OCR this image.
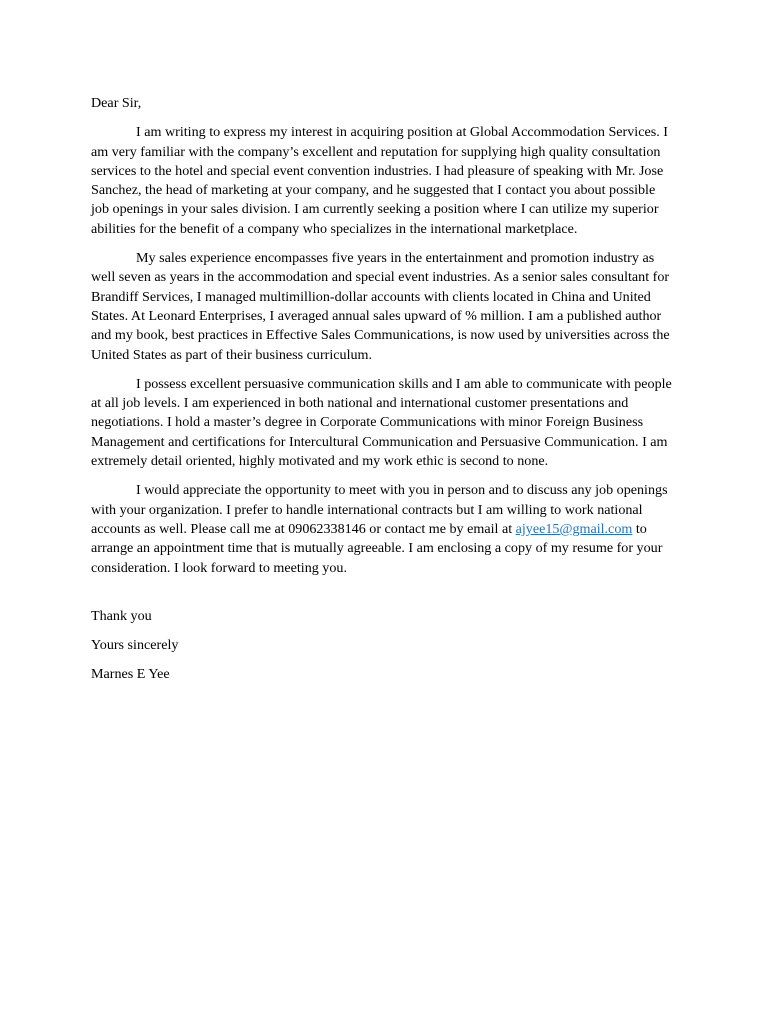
Dear Sir,

I am writing to express my interest in acquiring position at Global Accommodation Services. I am very familiar with the company’s excellent and reputation for supplying high quality consultation services to the hotel and special event convention industries. I had pleasure of speaking with Mr. Jose Sanchez, the head of marketing at your company, and he suggested that I contact you about possible job openings in your sales division. I am currently seeking a position where I can utilize my superior abilities for the benefit of a company who specializes in the international marketplace.

My sales experience encompasses five years in the entertainment and promotion industry as well seven as years in the accommodation and special event industries. As a senior sales consultant for Brandiff Services, I managed multimillion-dollar accounts with clients located in China and United States. At Leonard Enterprises, I averaged annual sales upward of % million. I am a published author and my book, best practices in Effective Sales Communications, is now used by universities across the United States as part of their business curriculum.

I possess excellent persuasive communication skills and I am able to communicate with people at all job levels. I am experienced in both national and international customer presentations and negotiations. I hold a master’s degree in Corporate Communications with minor Foreign Business Management and certifications for Intercultural Communication and Persuasive Communication. I am extremely detail oriented, highly motivated and my work ethic is second to none.

I would appreciate the opportunity to meet with you in person and to discuss any job openings with your organization. I prefer to handle international contracts but I am willing to work national accounts as well. Please call me at 09062338146 or contact me by email at ajyee15@gmail.com to arrange an appointment time that is mutually agreeable. I am enclosing a copy of my resume for your consideration. I look forward to meeting you.

Thank you

Yours sincerely

Marnes E Yee
